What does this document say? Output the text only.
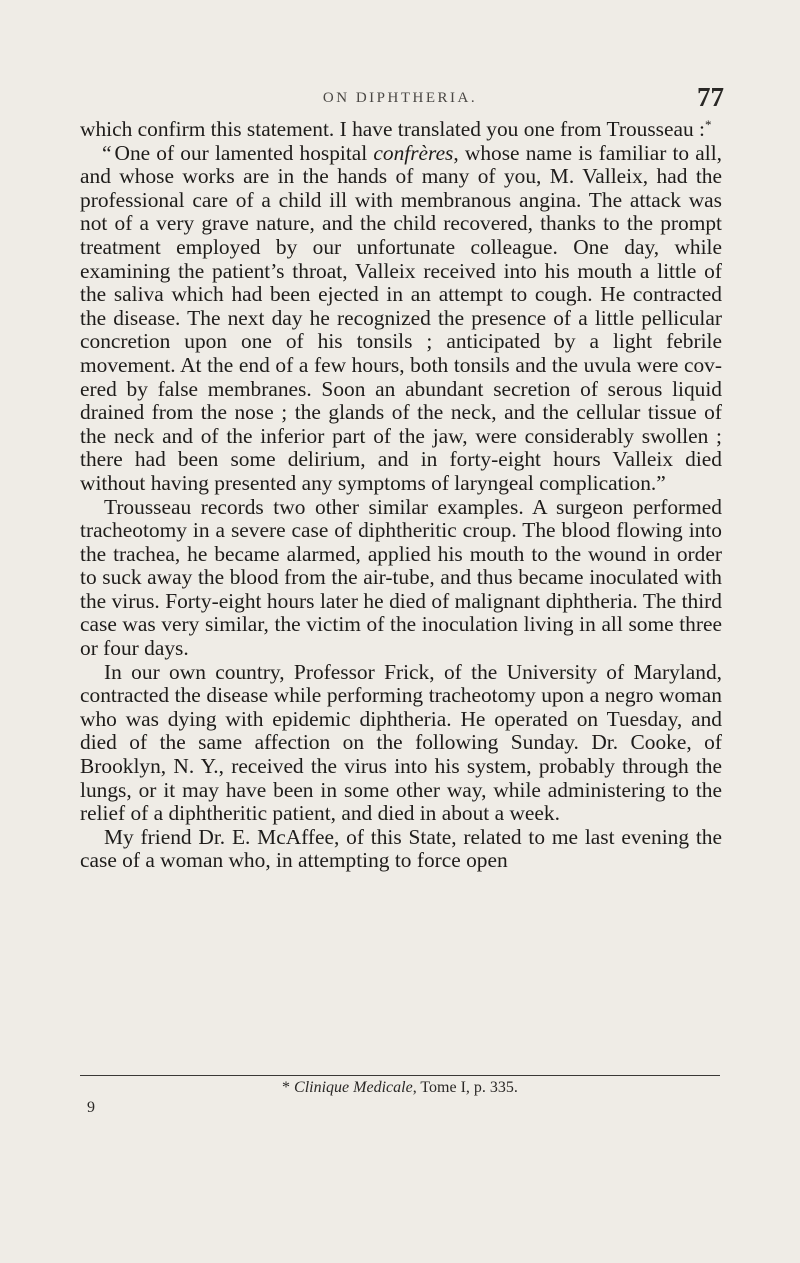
ON DIPHTHERIA.	77

which confirm this statement. I have translated you one from Trousseau :*

“ One of our lamented hospital confrères, whose name is familiar to all, and whose works are in the hands of many of you, M. Valleix, had the professional care of a child ill with membranous angina. The attack was not of a very grave nature, and the child recovered, thanks to the prompt treatment employed by our unfortunate colleague. One day, while examining the patient’s throat, Valleix received into his mouth a little of the saliva which had been ejected in an attempt to cough. He contracted the disease. The next day he recognized the presence of a little pellicular concretion upon one of his tonsils ; anticipated by a light febrile movement. At the end of a few hours, both tonsils and the uvula were covered by false membranes. Soon an abundant secretion of serous liquid drained from the nose ; the glands of the neck, and the cellular tissue of the neck and of the inferior part of the jaw, were considerably swollen ; there had been some delirium, and in forty-eight hours Valleix died without having presented any symptoms of laryngeal complication. ”

Trousseau records two other similar examples. A surgeon performed tracheotomy in a severe case of diphtheritic croup. The blood flowing into the trachea, he became alarmed, applied his mouth to the wound in order to suck away the blood from the air-tube, and thus became inoculated with the virus. Forty-eight hours later he died of malignant diphtheria. The third case was very similar, the victim of the inoculation living in all some three or four days.

In our own country, Professor Frick, of the University of Maryland, contracted the disease while performing tracheotomy upon a negro woman who was dying with epidemic diphtheria. He operated on Tuesday, and died of the same affection on the following Sunday. Dr. Cooke, of Brooklyn, N. Y., received the virus into his system, probably through the lungs, or it may have been in some other way, while administering to the relief of a diphtheritic patient, and died in about a week.

My friend Dr. E. McAffee, of this State, related to me last evening the case of a woman who, in attempting to force open

* Clinique Medicale, Tome I, p. 335.
9
